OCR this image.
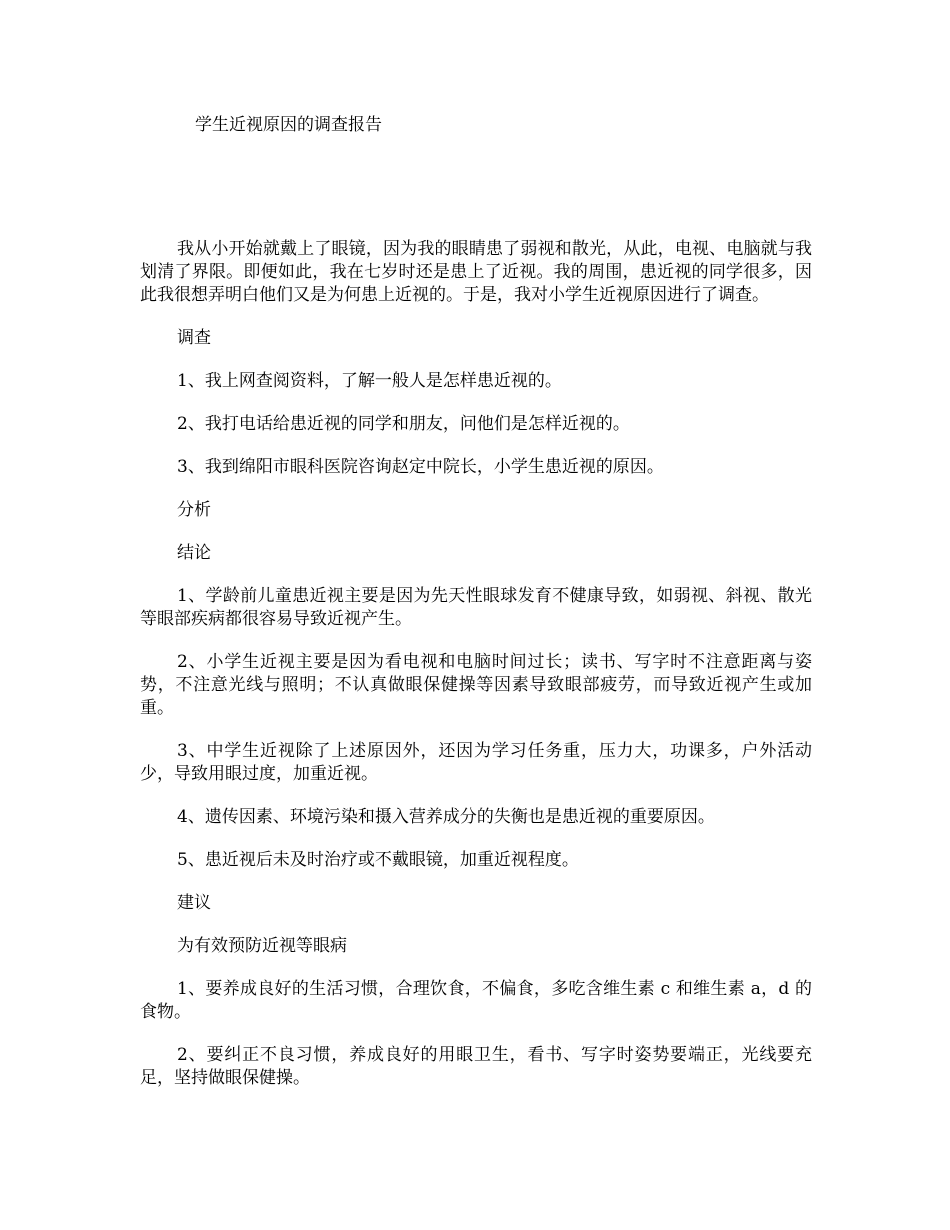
学生近视原因的调查报告

我从小开始就戴上了眼镜，因为我的眼睛患了弱视和散光，从此，电视、电脑就与我划清了界限。即便如此，我在七岁时还是患上了近视。我的周围，患近视的同学很多，因此我很想弄明白他们又是为何患上近视的。于是，我对小学生近视原因进行了调查。

调查

1、我上网查阅资料，了解一般人是怎样患近视的。

2、我打电话给患近视的同学和朋友，问他们是怎样近视的。

3、我到绵阳市眼科医院咨询赵定中院长，小学生患近视的原因。

分析

结论

1、学龄前儿童患近视主要是因为先天性眼球发育不健康导致，如弱视、斜视、散光等眼部疾病都很容易导致近视产生。

2、小学生近视主要是因为看电视和电脑时间过长；读书、写字时不注意距离与姿势，不注意光线与照明；不认真做眼保健操等因素导致眼部疲劳，而导致近视产生或加重。

3、中学生近视除了上述原因外，还因为学习任务重，压力大，功课多，户外活动少，导致用眼过度，加重近视。

4、遗传因素、环境污染和摄入营养成分的失衡也是患近视的重要原因。

5、患近视后未及时治疗或不戴眼镜，加重近视程度。

建议

为有效预防近视等眼病

1、要养成良好的生活习惯，合理饮食，不偏食，多吃含维生素 c 和维生素 a，d 的食物。

2、要纠正不良习惯，养成良好的用眼卫生，看书、写字时姿势要端正，光线要充足，坚持做眼保健操。
